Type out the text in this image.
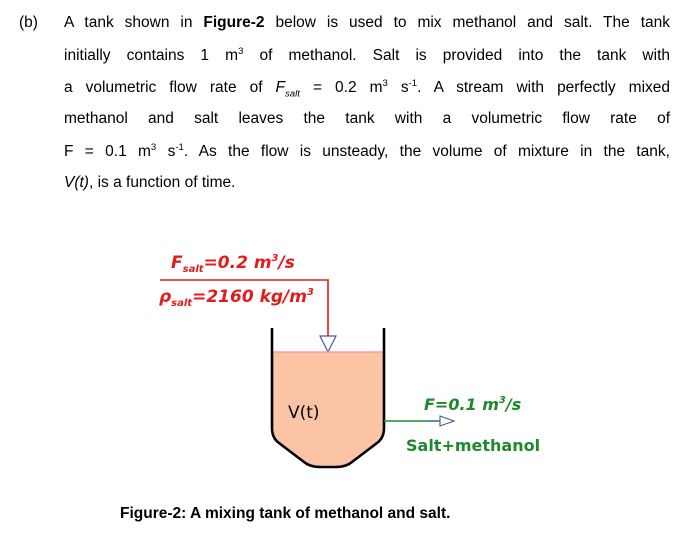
(b) A tank shown in Figure-2 below is used to mix methanol and salt. The tank
initially contains 1 $m^3$ of methanol. Salt is provided into the tank with
a volumetric flow rate of $F_{salt} = 0.2$ $m^3$ $s^{-1}$. A stream with perfectly mixed
methanol and salt leaves the tank with a volumetric flow rate of
F = 0.1 $m^3$ $s^{-1}$. As the flow is unsteady, the volume of mixture in the tank,
V(t), is a function of time.
$F_{salt}=0.2$ $m^3/s$
$\rho_{salt}=2160$ $kg/m^3$
V(t)	F=0.1 $m^3/s$
Salt+methanol
Figure-2: A mixing tank of methanol and salt.
